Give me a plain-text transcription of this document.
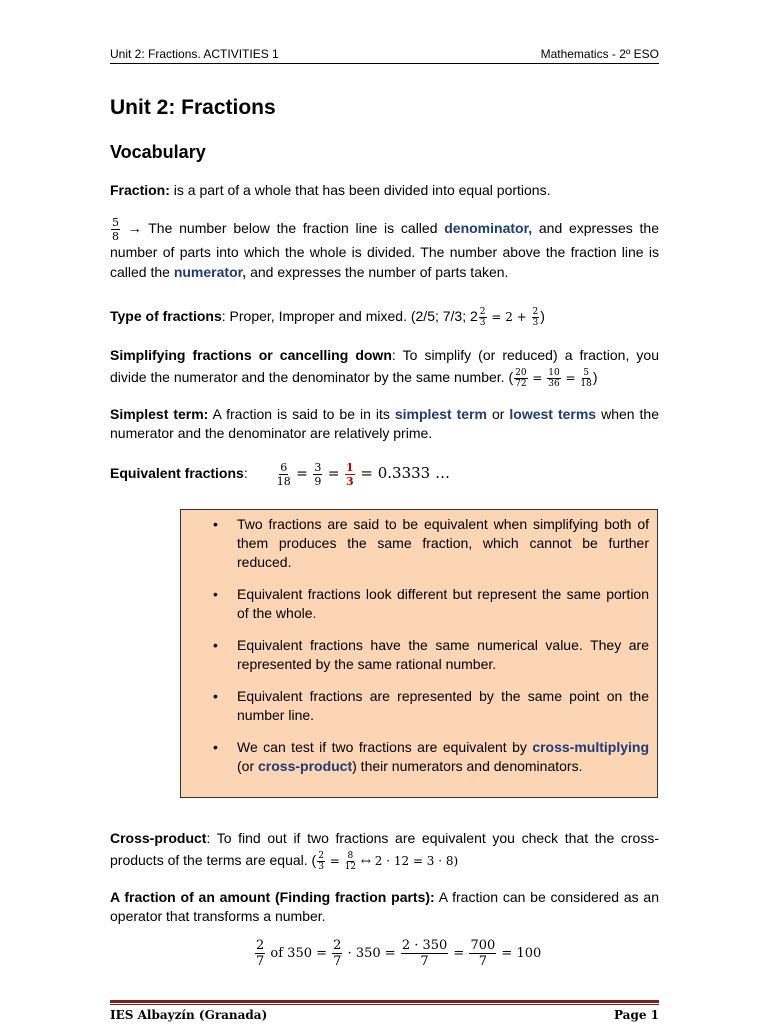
Unit 2: Fractions. ACTIVITIES 1	Mathematics - 2º ESO
Unit 2: Fractions
Vocabulary

Fraction: is a part of a whole that has been divided into equal portions.

$\frac{5}{8}$ → The number below the fraction line is called denominator, and expresses the number of parts into which the whole is divided. The number above the fraction line is called the numerator, and expresses the number of parts taken.

Type of fractions: Proper, Improper and mixed. (2/5; 7/3; $2 \frac{2}{3} = 2 + \frac{2}{3}$ )

Simplifying fractions or cancelling down: To simplify (or reduced) a fraction, you divide the numerator and the denominator by the same number. ( $\frac{20}{72} = \frac{10}{36} = \frac{5}{18}$ )

Simplest term: A fraction is said to be in its simplest term or lowest terms when the numerator and the denominator are relatively prime.

Equivalent fractions:	$\frac{6}{18} = \frac{3}{9} = \frac{1}{3} = 0.3333$ …
• Two fractions are said to be equivalent when simplifying both of them produces the same fraction, which cannot be further reduced.
• Equivalent fractions look different but represent the same portion of the whole.
• Equivalent fractions have the same numerical value. They are represented by the same rational number.
• Equivalent fractions are represented by the same point on the number line.
• We can test if two fractions are equivalent by cross-multiplying (or cross-product) their numerators and denominators.

Cross-product: To find out if two fractions are equivalent you check that the cross-products of the terms are equal. ( $\frac{2}{3} = \frac{8}{12}$ ↔ 2 · 12 = 3 · 8)

A fraction of an amount (Finding fraction parts): A fraction can be considered as an operator that transforms a number.

$\frac{2}{7}$ of $350 = \frac{2}{7} \cdot 350 = \frac{2 \cdot 350}{7} = \frac{700}{7} = 100$
IES Albayzín (Granada)	Page 1
